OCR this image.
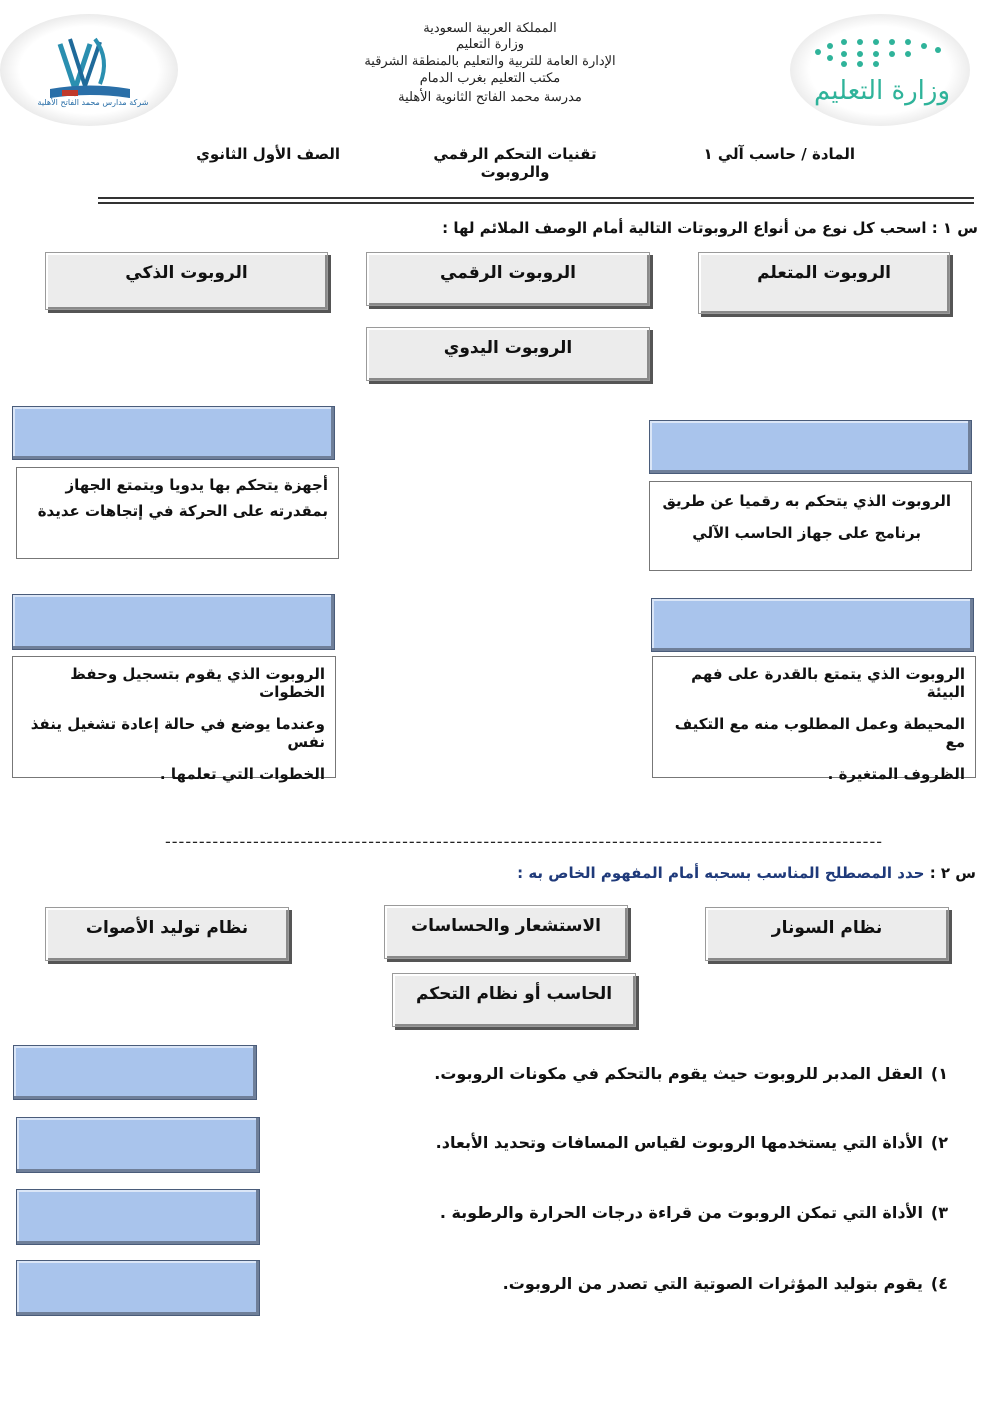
شركة مدارس محمد الفاتح الأهلية	وزارة التعليم
المملكة العربية السعودية
وزارة التعليم
الإدارة العامة للتربية والتعليم بالمنطقة الشرقية
مكتب التعليم بغرب الدمام
مدرسة محمد الفاتح الثانوية الأهلية
المادة / حاسب آلي ١
تقنيات التحكم الرقمي والروبوت
الصف الأول الثانوي
س ١ : اسحب كل نوع من أنواع الروبوتات التالية أمام الوصف الملائم لها :
الروبوت المتعلم
الروبوت الرقمي
الروبوت الذكي
الروبوت اليدوي

أجهزة يتحكم بها يدويا ويتمتع الجهاز

بمقدرته على الحركة في إتجاهات عديدة

الروبوت الذي يتحكم به رقميا عن طريق

برنامج على جهاز الحاسب الآلي

الروبوت الذي يقوم بتسجيل وحفظ الخطوات

وعندما يوضع في حالة إعادة تشغيل ينفذ نفس

الخطوات التي تعلمها .

الروبوت الذي يتمتع بالقدرة على فهم البيئة

المحيطة وعمل المطلوب منه مع التكيف مع

الظروف المتغيرة .

----------------------------------------------------------------------------------------------------------
س ٢ : حدد المصطلح المناسب بسحبه أمام المفهوم الخاص به :
نظام السونار
الاستشعار والحساسات
نظام توليد الأصوات
الحاسب أو نظام التحكم
١)العقل المدبر للروبوت حيث يقوم بالتحكم في مكونات الروبوت.
٢)الأداة التي يستخدمها الروبوت لقياس المسافات وتحديد الأبعاد.
٣)الأداة التي تمكن الروبوت من قراءة درجات الحرارة والرطوبة .
٤)يقوم بتوليد المؤثرات الصوتية التي تصدر من الروبوت.
